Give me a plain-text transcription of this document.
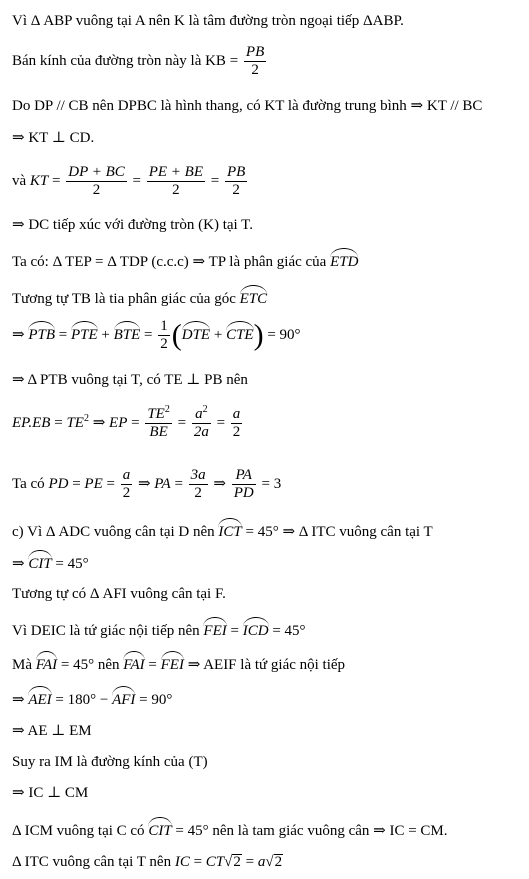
Vì Δ ABP vuông tại A nên K là tâm đường tròn ngoại tiếp ΔABP.
Bán kính của đường tròn này là KB = $\frac{PB}{2}$
Do DP // CB nên DPBC là hình thang, có KT là đường trung bình ⇒ KT // BC
⇒ KT ⊥ CD.
và KT = $\frac{DP + BC}{2} = \frac{PE + BE}{2} = \frac{PB}{2}$
⇒ DC tiếp xúc với đường tròn (K) tại T.
Ta có: Δ TEP = Δ TDP (c.c.c) ⇒ TP là phân giác của ETD
Tương tự TB là tia phân giác của góc ETC
⇒ PTB = PTE + BTE = $\frac{1}{2} (DTE + CTE) = 90^\circ$
⇒ Δ PTB vuông tại T, có TE ⊥ PB nên
$EP.EB = TE^2$ ⇒ EP = $\frac{TE^2}{BE} = \frac{a^2}{2a} = \frac{a}{2}$
Ta có PD = PE = $\frac{a}{2}$ ⇒ PA = $\frac{3a}{2}$ ⇒ $\frac{PA}{PD} = 3$
c) Vì Δ ADC vuông cân tại D nên ICT = 45° ⇒ Δ ITC vuông cân tại T
⇒ CIT = 45°
Tương tự có Δ AFI vuông cân tại F.
Vì DEIC là tứ giác nội tiếp nên FEI = ICD = 45°
Mà FAI = 45° nên FAI = FEI ⇒ AEIF là tứ giác nội tiếp
⇒ AEI = 180° − AFI = 90°
⇒ AE ⊥ EM
Suy ra IM là đường kính của (T)
⇒ IC ⊥ CM
Δ ICM vuông tại C có CIT = 45° nên là tam giác vuông cân ⇒ IC = CM.
Δ ITC vuông cân tại T nên IC = CT√2 = a√2
